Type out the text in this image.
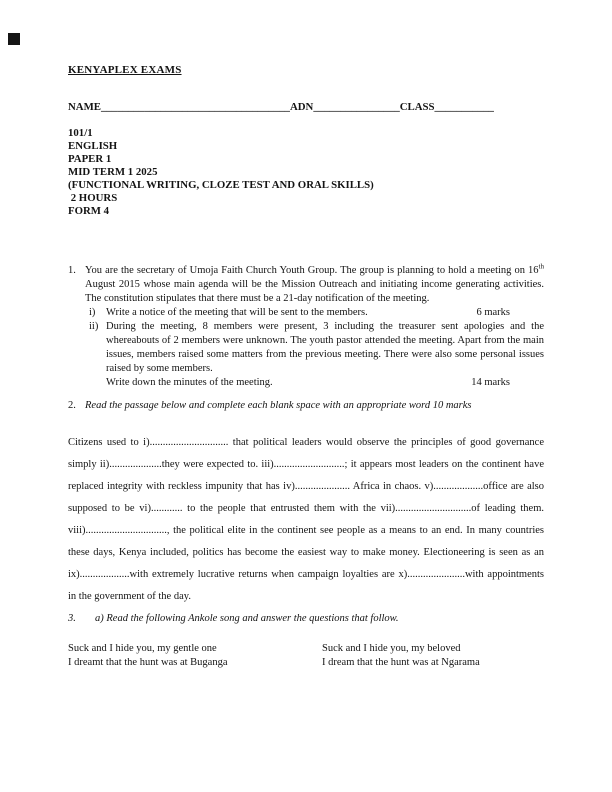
KENYAPLEX EXAMS
NAME___________________________________ADN________________CLASS___________
101/1
ENGLISH
PAPER 1
MID TERM 1 2025
(FUNCTIONAL WRITING, CLOZE TEST AND ORAL SKILLS)
2 HOURS
FORM 4
1. You are the secretary of Umoja Faith Church Youth Group. The group is planning to hold a meeting on 16th August 2015 whose main agenda will be the Mission Outreach and initiating income generating activities. The constitution stipulates that there must be a 21-day notification of the meeting.

i)	Write a notice of the meeting that will be sent to the members.	6 marks
ii) During the meeting, 8 members were present, 3 including the treasurer sent apologies and the whereabouts of 2 members were unknown. The youth pastor attended the meeting. Apart from the main issues, members raised some matters from the previous meeting. There were also some personal issues raised by some members.

Write down the minutes of the meeting.	14 marks
2. Read the passage below and complete each blank space with an appropriate word 10 marks
Citizens used to i).............................. that political leaders would observe the principles of good governance simply ii)....................they were expected to. iii)...........................; it appears most leaders on the continent have replaced integrity with reckless impunity that has iv)..................... Africa in chaos. v)...................office are also supposed to be vi)............ to the people that entrusted them with the vii).............................of leading them. viii)..............................., the political elite in the continent see people as a means to an end. In many countries these days, Kenya included, politics has become the easiest way to make money. Electioneering is seen as an ix)...................with extremely lucrative returns when campaign loyalties are x)......................with appointments in the government of the day.
3.	a) Read the following Ankole song and answer the questions that follow.
Suck and I hide you, my gentle one
I dreamt that the hunt was at Buganga
Suck and I hide you, my beloved
I dream that the hunt was at Ngarama
